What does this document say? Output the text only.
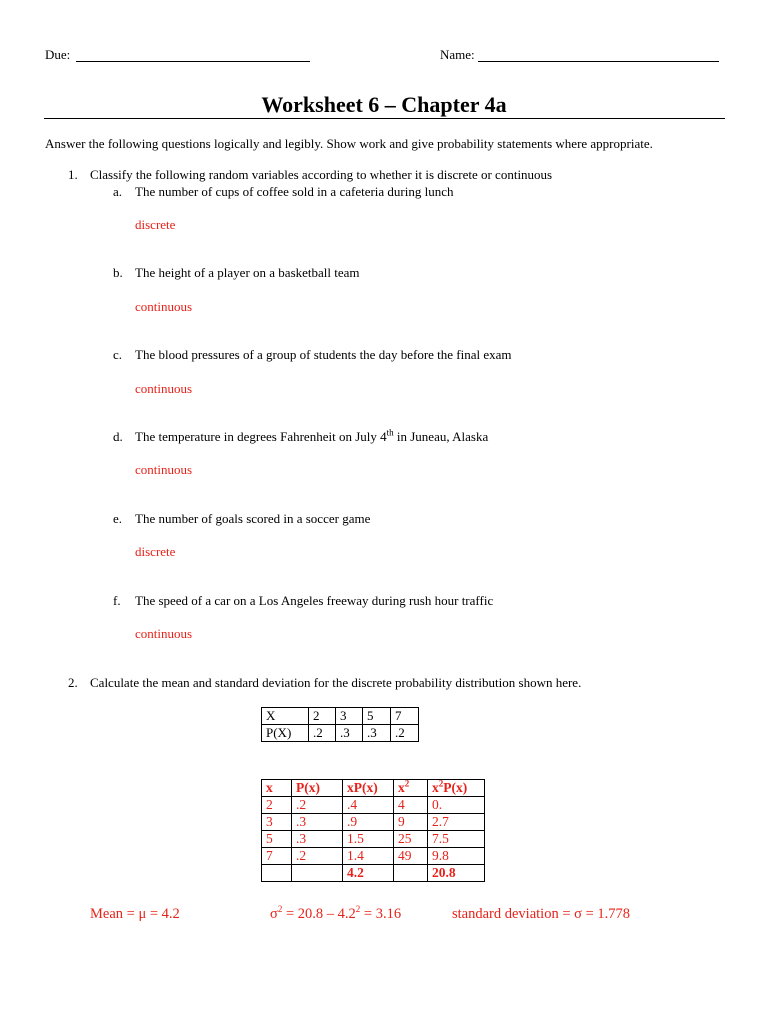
Due:	Name:
Worksheet 6 – Chapter 4a
Answer the following questions logically and legibly. Show work and give probability statements where appropriate.
1. Classify the following random variables according to whether it is discrete or continuous
a. The number of cups of coffee sold in a cafeteria during lunch
discrete
b. The height of a player on a basketball team
continuous
c. The blood pressures of a group of students the day before the final exam
continuous
d. The temperature in degrees Fahrenheit on July 4th in Juneau, Alaska
continuous
e. The number of goals scored in a soccer game
discrete
f. The speed of a car on a Los Angeles freeway during rush hour traffic
continuous
2. Calculate the mean and standard deviation for the discrete probability distribution shown here.
X	2	3	5	7
P(X)	.2	.3	.3	.2
x	P(x)	xP(x)	$x^2$	$x^2P(x)$
2	.2	.4	4	0.
3	.3	.9	9	2.7
5	.3	1.5	25	7.5
7	.2	1.4	49	9.8
		4.2		20.8
Mean = μ = 4.2	$\sigma^2 = 20.8 - 4.2^2 = 3.16$	standard deviation = σ = 1.778
